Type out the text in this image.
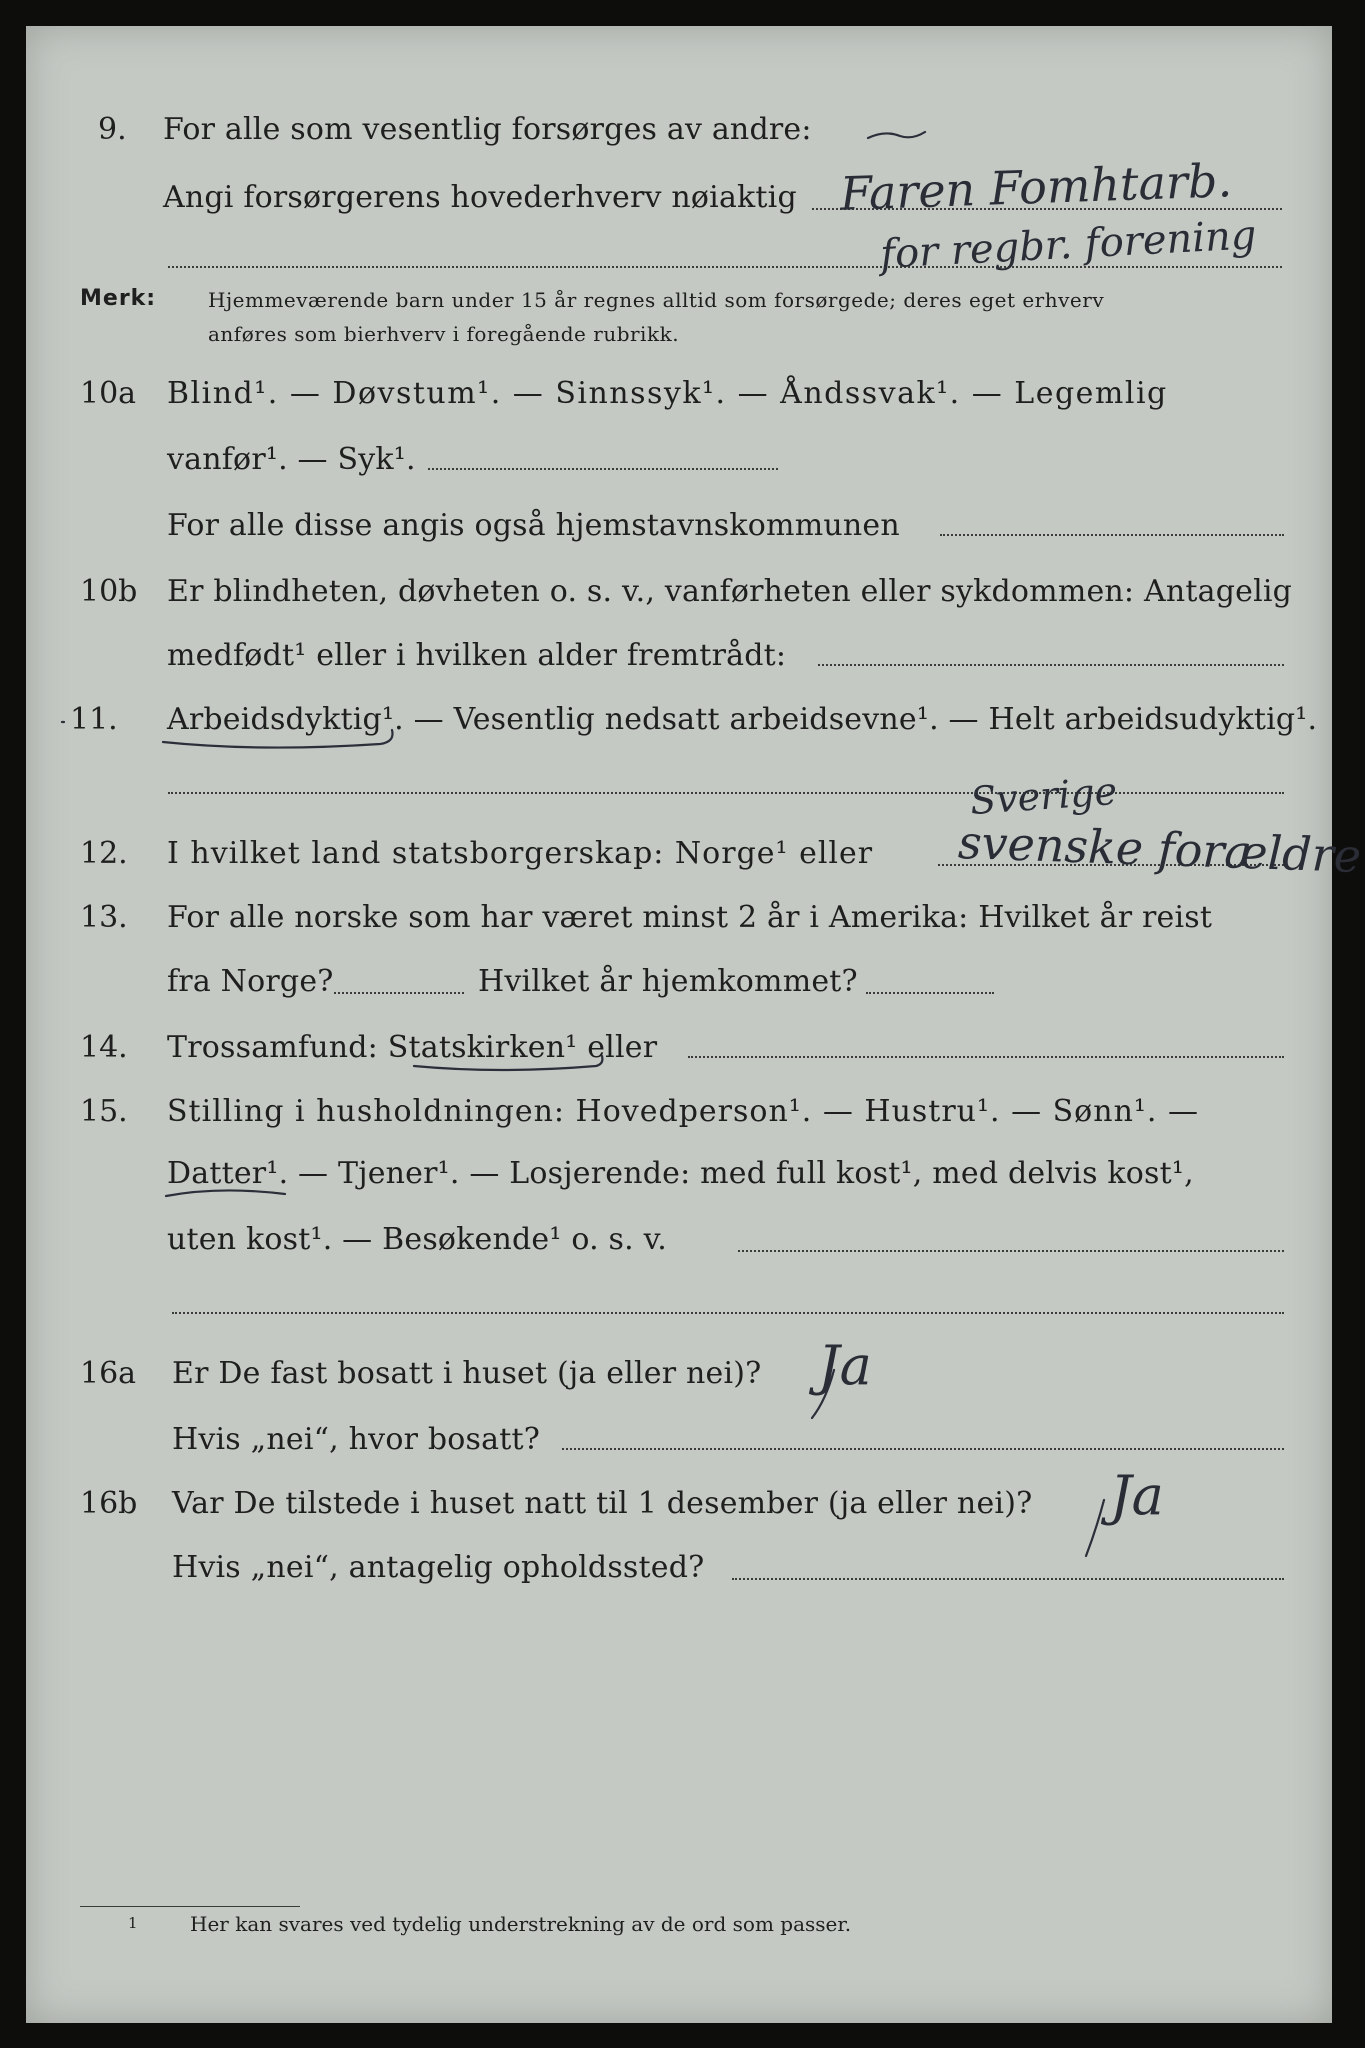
9. For alle som vesentlig forsørges av andre:
Angi forsørgerens hovederhverv nøiaktig Faren Fomhtarb.
for regbr. forening
Merk:	Hjemmeværende barn under 15 år regnes alltid som forsørgede; deres eget erhverv
anføres som bierhverv i foregående rubrikk.
10a Blind¹. — Døvstum¹. — Sinnssyk¹. — Åndssvak¹. — Legemlig
vanfør¹. — Syk¹.
For alle disse angis også hjemstavnskommunen
10b Er blindheten, døvheten o. s. v., vanførheten eller sykdommen: Antagelig
medfødt¹ eller i hvilken alder fremtrådt:
11. Arbeidsdyktig¹. — Vesentlig nedsatt arbeidsevne¹. — Helt arbeidsudyktig¹.
12. I hvilket land statsborgerskap: Norge¹ eller
Sverige
svenske forældre
13. For alle norske som har været minst 2 år i Amerika: Hvilket år reist
fra Norge?	Hvilket år hjemkommet?
14. Trossamfund: Statskirken¹ eller
15. Stilling i husholdningen: Hovedperson¹. — Hustru¹. — Sønn¹. —
Datter¹. — Tjener¹. — Losjerende: med full kost¹, med delvis kost¹,
uten kost¹. — Besøkende¹ o. s. v.
16a Er De fast bosatt i huset (ja eller nei)? Ja
Hvis „nei“, hvor bosatt?
16b Var De tilstede i huset natt til 1 desember (ja eller nei)? Ja
Hvis „nei“, antagelig opholdssted?
1	Her kan svares ved tydelig understrekning av de ord som passer.
